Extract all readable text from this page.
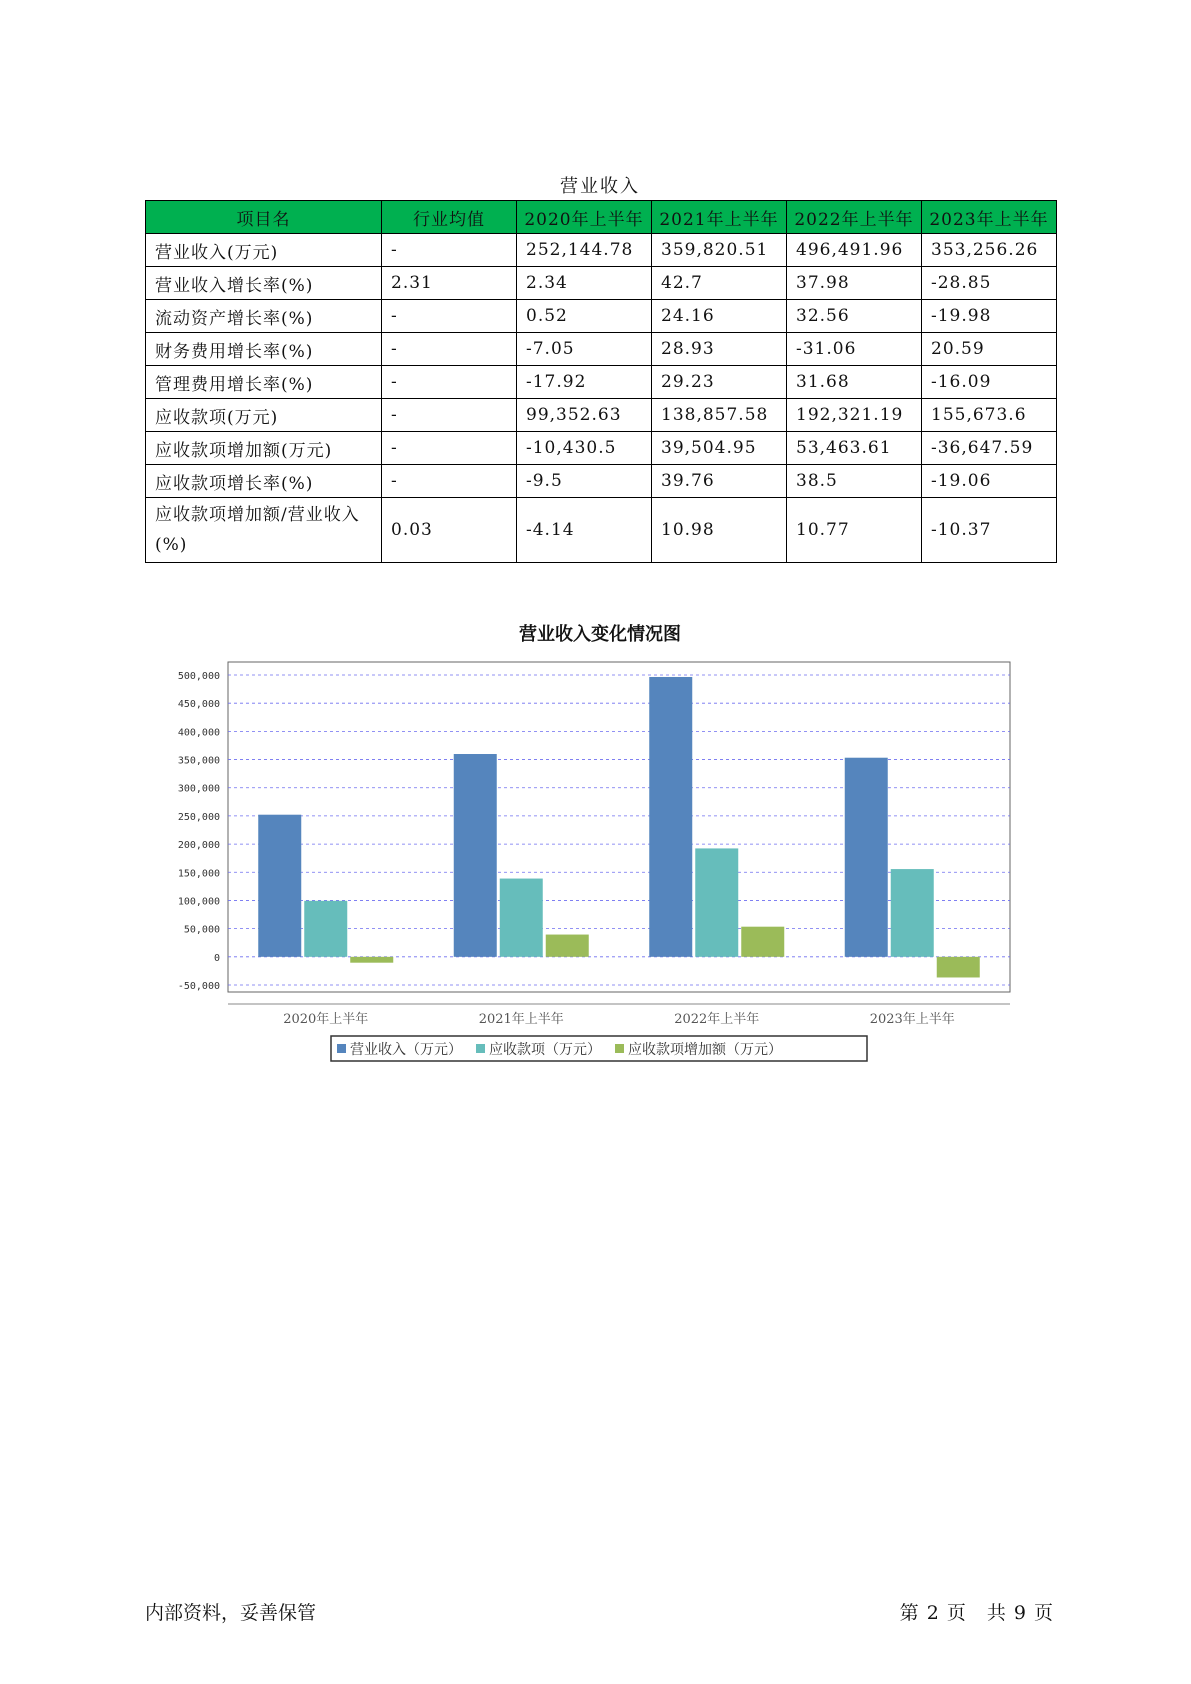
营业收入
项目名	行业均值	2020年上半年	2021年上半年	2022年上半年	2023年上半年
营业收入(万元)	-	252,144.78	359,820.51	496,491.96	353,256.26
营业收入增长率(%)	2.31	2.34	42.7	37.98	-28.85
流动资产增长率(%)	-	0.52	24.16	32.56	-19.98
财务费用增长率(%)	-	-7.05	28.93	-31.06	20.59
管理费用增长率(%)	-	-17.92	29.23	31.68	-16.09
应收款项(万元)	-	99,352.63	138,857.58	192,321.19	155,673.6
应收款项增加额(万元)	-	-10,430.5	39,504.95	53,463.61	-36,647.59
应收款项增长率(%)	-	-9.5	39.76	38.5	-19.06
应收款项增加额/营业收入(%)	0.03	-4.14	10.98	10.77	-10.37
营业收入变化情况图
-50,000
0
50,000
100,000
150,000
200,000
250,000
300,000
350,000
400,000
450,000
500,000
2020年上半年	2021年上半年	2022年上半年	2023年上半年
营业收入（万元） 应收款项（万元） 应收款项增加额（万元）
内部资料，妥善保管	第 2 页　共 9 页
